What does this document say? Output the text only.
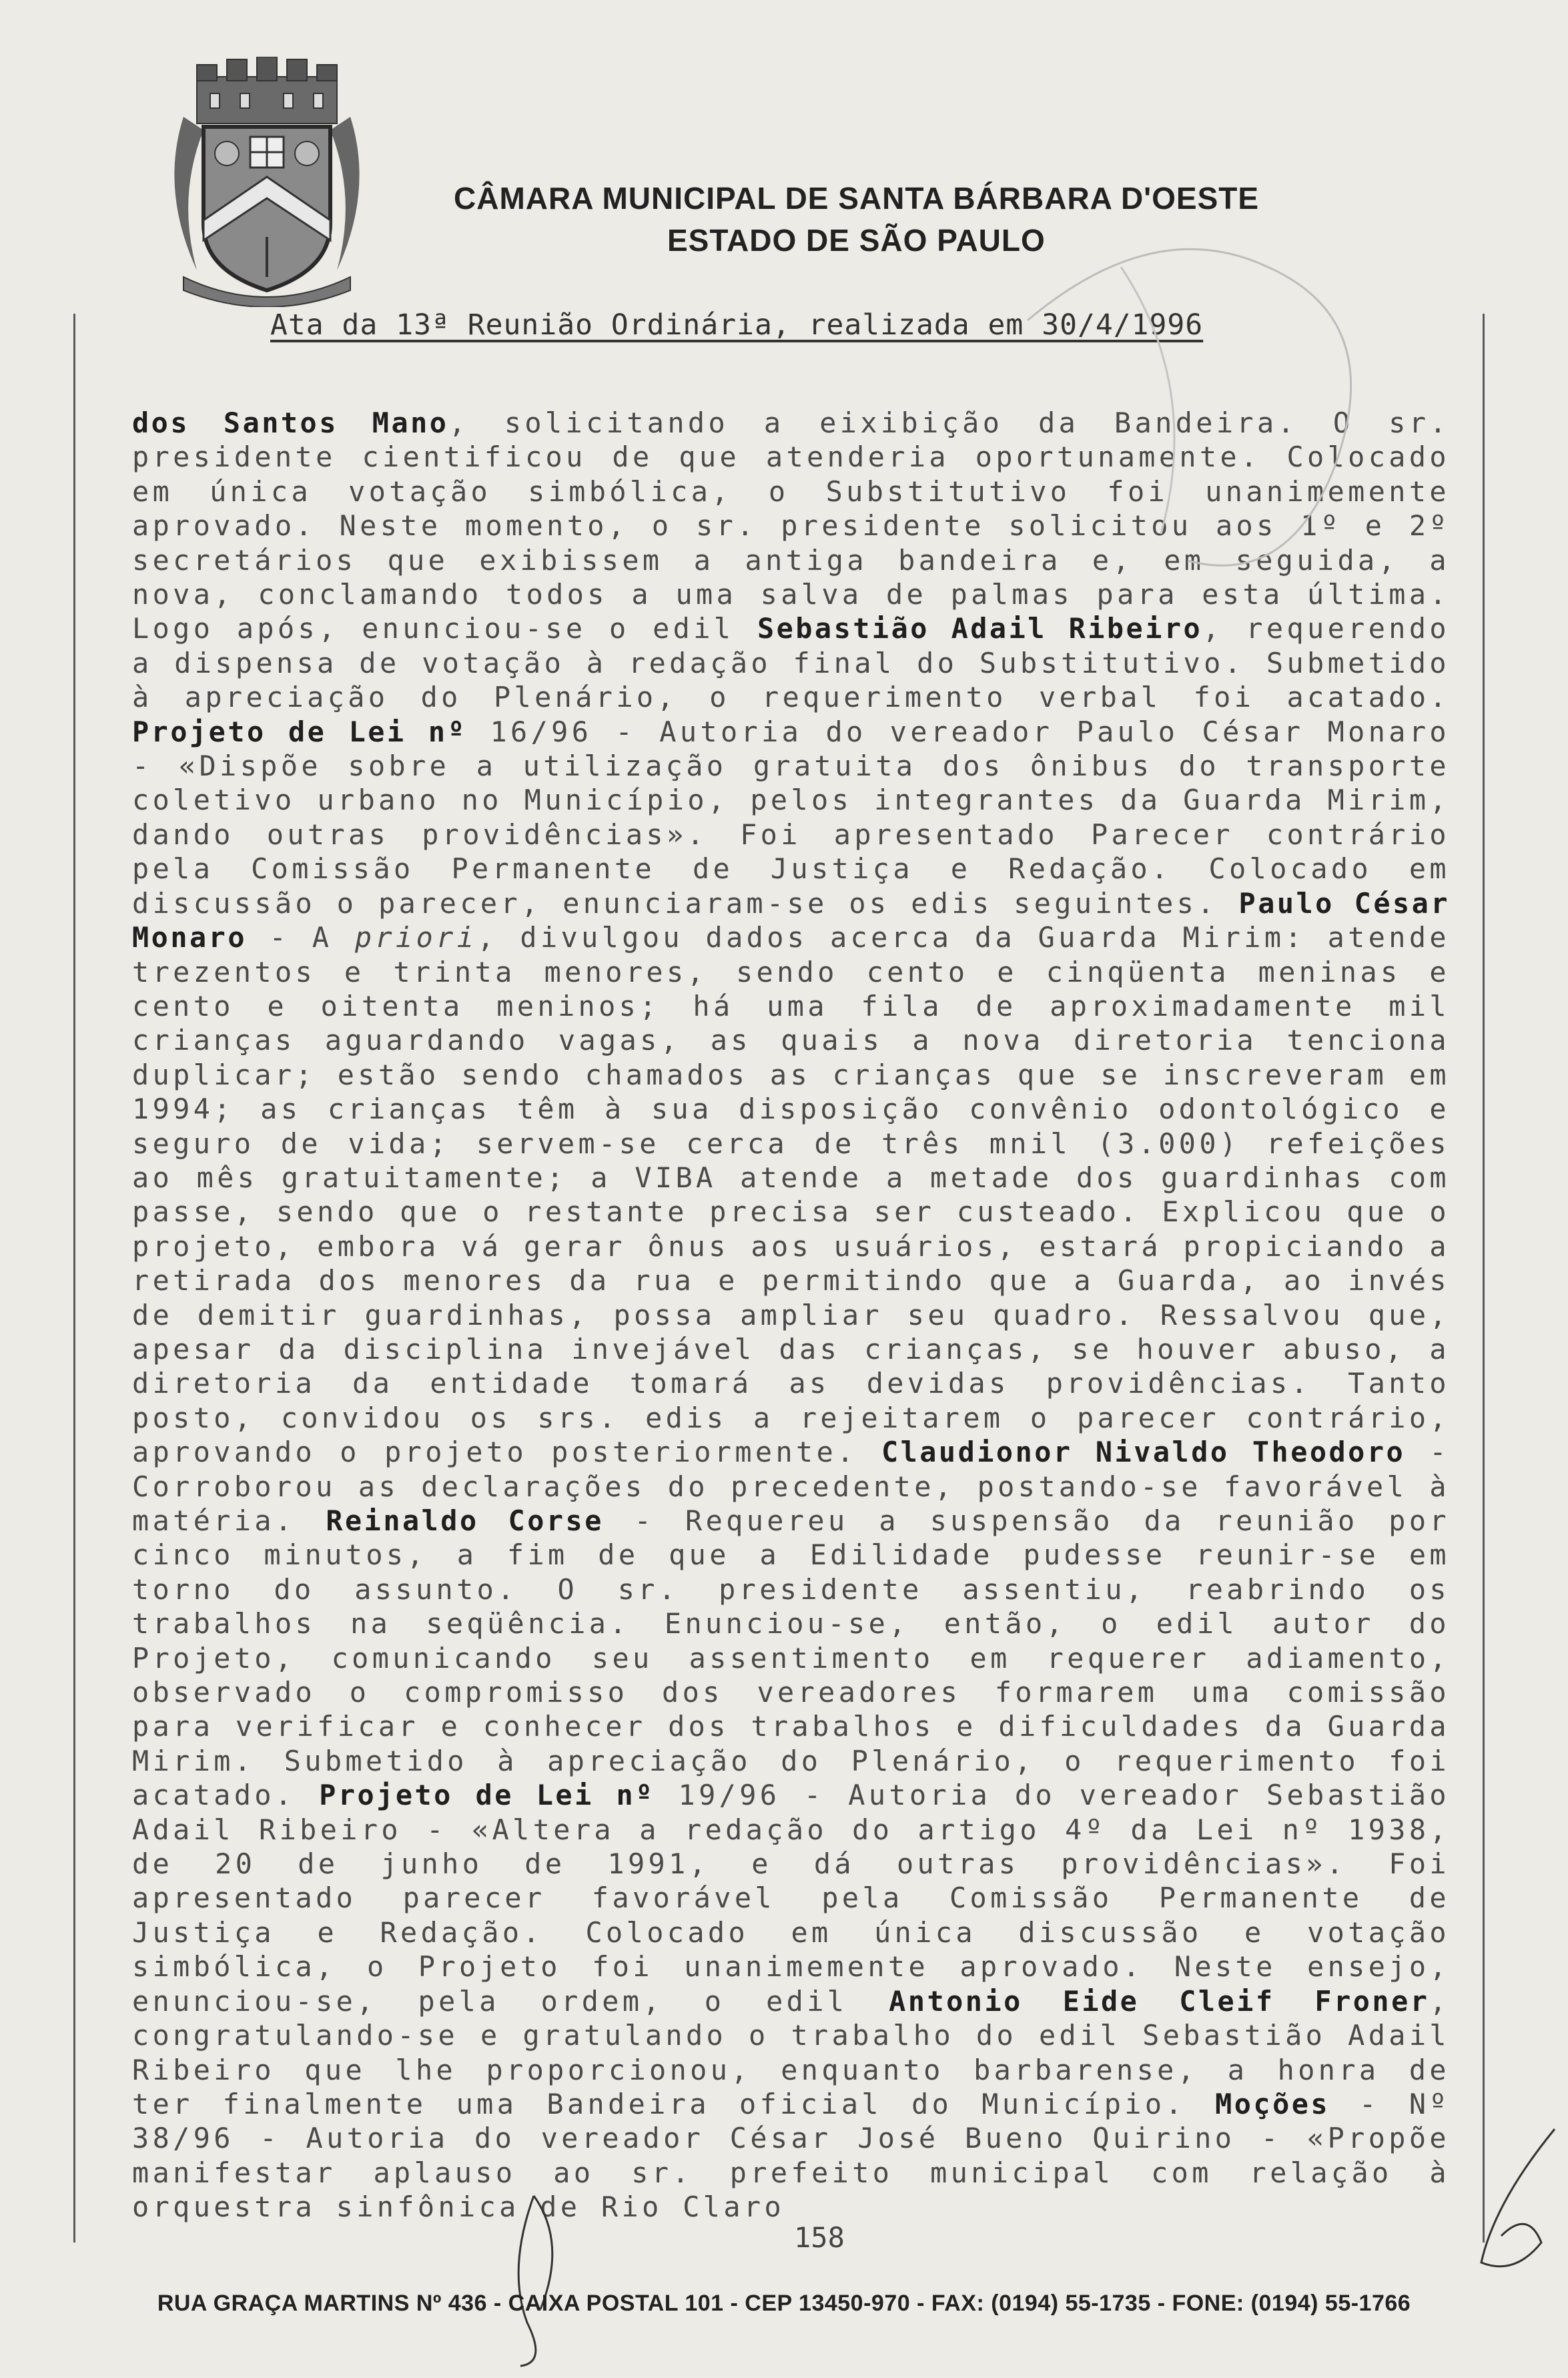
CÂMARA MUNICIPAL DE SANTA BÁRBARA D'OESTE
ESTADO DE SÃO PAULO
Ata da 13ª Reunião Ordinária, realizada em 30/4/1996

dos Santos Mano, solicitando a eixibição da Bandeira. O sr. presidente cientificou de que atenderia oportunamente. Colocado em única votação simbólica, o Substitutivo foi unanimemente aprovado. Neste momento, o sr. presidente solicitou aos 1º e 2º secretários que exibissem a antiga bandeira e, em seguida, a nova, conclamando todos a uma salva de palmas para esta última. Logo após, enunciou-se o edil Sebastião Adail Ribeiro, requerendo a dispensa de votação à redação final do Substitutivo. Submetido à apreciação do Plenário, o requerimento verbal foi acatado. Projeto de Lei nº 16/96 - Autoria do vereador Paulo César Monaro - «Dispõe sobre a utilização gratuita dos ônibus do transporte coletivo urbano no Município, pelos integrantes da Guarda Mirim, dando outras providências». Foi apresentado Parecer contrário pela Comissão Permanente de Justiça e Redação. Colocado em discussão o parecer, enunciaram-se os edis seguintes. Paulo César Monaro - A priori, divulgou dados acerca da Guarda Mirim: atende trezentos e trinta menores, sendo cento e cinqüenta meninas e cento e oitenta meninos; há uma fila de aproximadamente mil crianças aguardando vagas, as quais a nova diretoria tenciona duplicar; estão sendo chamados as crianças que se inscreveram em 1994; as crianças têm à sua disposição convênio odontológico e seguro de vida; servem-se cerca de três mnil (3.000) refeições ao mês gratuitamente; a VIBA atende a metade dos guardinhas com passe, sendo que o restante precisa ser custeado. Explicou que o projeto, embora vá gerar ônus aos usuários, estará propiciando a retirada dos menores da rua e permitindo que a Guarda, ao invés de demitir guardinhas, possa ampliar seu quadro. Ressalvou que, apesar da disciplina invejável das crianças, se houver abuso, a diretoria da entidade tomará as devidas providências. Tanto posto, convidou os srs. edis a rejeitarem o parecer contrário, aprovando o projeto posteriormente. Claudionor Nivaldo Theodoro - Corroborou as declarações do precedente, postando-se favorável à matéria. Reinaldo Corse - Requereu a suspensão da reunião por cinco minutos, a fim de que a Edilidade pudesse reunir-se em torno do assunto. O sr. presidente assentiu, reabrindo os trabalhos na seqüência. Enunciou-se, então, o edil autor do Projeto, comunicando seu assentimento em requerer adiamento, observado o compromisso dos vereadores formarem uma comissão para verificar e conhecer dos trabalhos e dificuldades da Guarda Mirim. Submetido à apreciação do Plenário, o requerimento foi acatado. Projeto de Lei nº 19/96 - Autoria do vereador Sebastião Adail Ribeiro - «Altera a redação do artigo 4º da Lei nº 1938, de 20 de junho de 1991, e dá outras providências». Foi apresentado parecer favorável pela Comissão Permanente de Justiça e Redação. Colocado em única discussão e votação simbólica, o Projeto foi unanimemente aprovado. Neste ensejo, enunciou-se, pela ordem, o edil Antonio Eide Cleif Froner, congratulando-se e gratulando o trabalho do edil Sebastião Adail Ribeiro que lhe proporcionou, enquanto barbarense, a honra de ter finalmente uma Bandeira oficial do Município. Moções - Nº 38/96 - Autoria do vereador César José Bueno Quirino - «Propõe manifestar aplauso ao sr. prefeito municipal com relação à orquestra sinfônica de Rio Claro

158
RUA GRAÇA MARTINS Nº 436 - CAIXA POSTAL 101 - CEP 13450-970 - FAX: (0194) 55-1735 - FONE: (0194) 55-1766
